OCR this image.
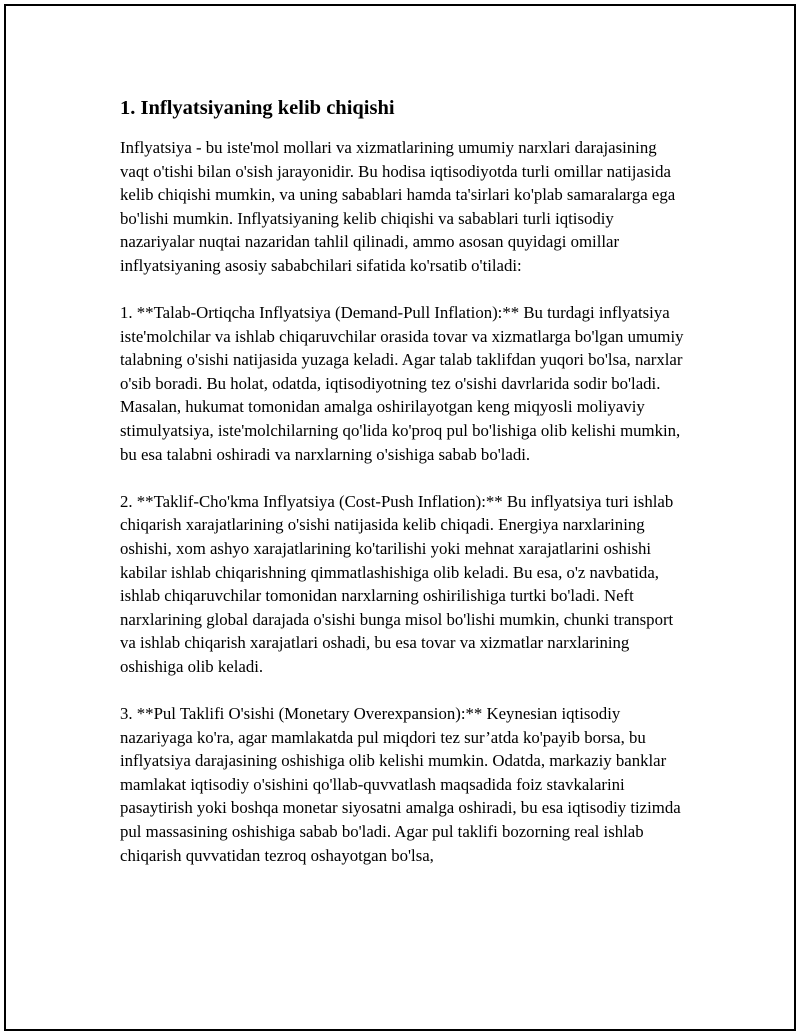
1. Inflyatsiyaning kelib chiqishi

Inflyatsiya - bu iste'mol mollari va xizmatlarining umumiy narxlari darajasining vaqt o'tishi bilan o'sish jarayonidir. Bu hodisa iqtisodiyotda turli omillar natijasida kelib chiqishi mumkin, va uning sabablari hamda ta'sirlari ko'plab samaralarga ega bo'lishi mumkin. Inflyatsiyaning kelib chiqishi va sabablari turli iqtisodiy nazariyalar nuqtai nazaridan tahlil qilinadi, ammo asosan quyidagi omillar inflyatsiyaning asosiy sababchilari sifatida ko'rsatib o'tiladi:

1. **Talab-Ortiqcha Inflyatsiya (Demand-Pull Inflation):** Bu turdagi inflyatsiya iste'molchilar va ishlab chiqaruvchilar orasida tovar va xizmatlarga bo'lgan umumiy talabning o'sishi natijasida yuzaga keladi. Agar talab taklifdan yuqori bo'lsa, narxlar o'sib boradi. Bu holat, odatda, iqtisodiyotning tez o'sishi davrlarida sodir bo'ladi. Masalan, hukumat tomonidan amalga oshirilayotgan keng miqyosli moliyaviy stimulyatsiya, iste'molchilarning qo'lida ko'proq pul bo'lishiga olib kelishi mumkin, bu esa talabni oshiradi va narxlarning o'sishiga sabab bo'ladi.

2. **Taklif-Cho'kma Inflyatsiya (Cost-Push Inflation):** Bu inflyatsiya turi ishlab chiqarish xarajatlarining o'sishi natijasida kelib chiqadi. Energiya narxlarining oshishi, xom ashyo xarajatlarining ko'tarilishi yoki mehnat xarajatlarini oshishi kabilar ishlab chiqarishning qimmatlashishiga olib keladi. Bu esa, o'z navbatida, ishlab chiqaruvchilar tomonidan narxlarning oshirilishiga turtki bo'ladi. Neft narxlarining global darajada o'sishi bunga misol bo'lishi mumkin, chunki transport va ishlab chiqarish xarajatlari oshadi, bu esa tovar va xizmatlar narxlarining oshishiga olib keladi.

3. **Pul Taklifi O'sishi (Monetary Overexpansion):** Keynesian iqtisodiy nazariyaga ko'ra, agar mamlakatda pul miqdori tez sur’atda ko'payib borsa, bu inflyatsiya darajasining oshishiga olib kelishi mumkin. Odatda, markaziy banklar mamlakat iqtisodiy o'sishini qo'llab-quvvatlash maqsadida foiz stavkalarini pasaytirish yoki boshqa monetar siyosatni amalga oshiradi, bu esa iqtisodiy tizimda pul massasining oshishiga sabab bo'ladi. Agar pul taklifi bozorning real ishlab chiqarish quvvatidan tezroq oshayotgan bo'lsa,
